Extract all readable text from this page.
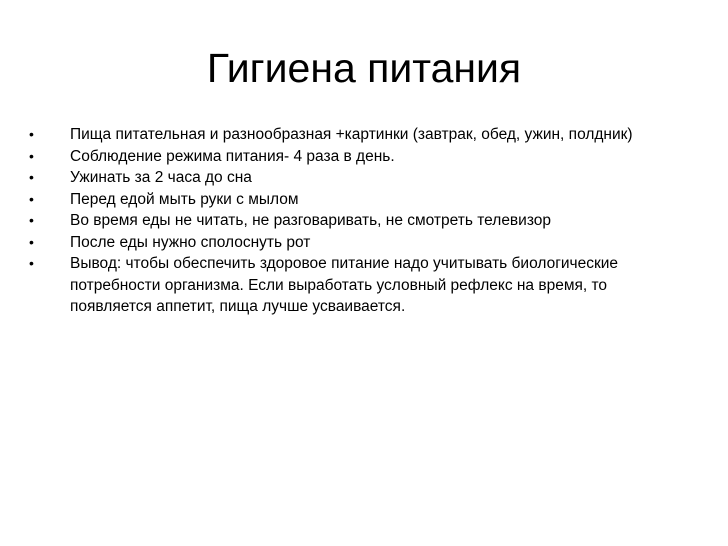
Гигиена питания
•	Пища питательная и разнообразная +картинки (завтрак, обед, ужин, полдник)
•	Соблюдение режима питания- 4 раза в день.
•	Ужинать за 2 часа до сна
•	Перед едой мыть руки с мылом
•	Во время еды не читать, не разговаривать, не смотреть телевизор
•	После еды нужно сполоснуть рот
•	Вывод: чтобы обеспечить здоровое питание надо учитывать биологические потребности организма. Если выработать условный рефлекс на время, то появляется аппетит, пища лучше усваивается.
